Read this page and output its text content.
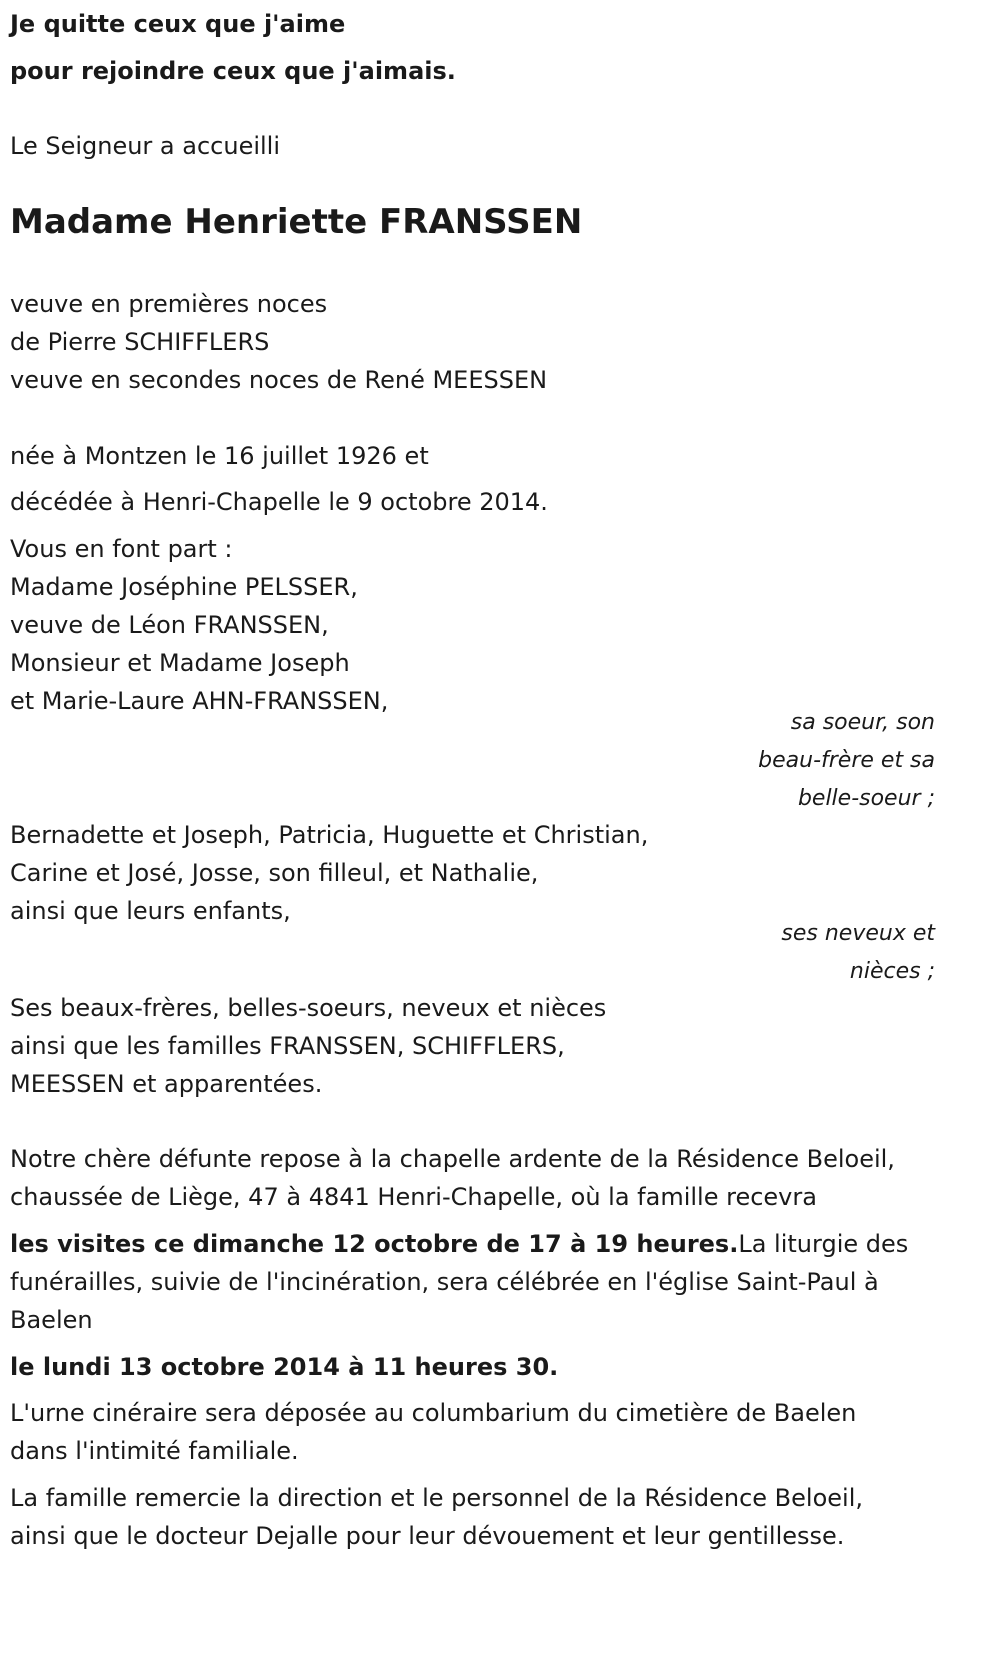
Je quitte ceux que j'aime
pour rejoindre ceux que j'aimais.
Le Seigneur a accueilli
Madame Henriette FRANSSEN
veuve en premières noces
de Pierre SCHIFFLERS
veuve en secondes noces de René MEESSEN
née à Montzen le 16 juillet 1926 et
décédée à Henri-Chapelle le 9 octobre 2014.
Vous en font part :
Madame Joséphine PELSSER,
veuve de Léon FRANSSEN,
Monsieur et Madame Joseph
et Marie-Laure AHN-FRANSSEN,
sa soeur, son
beau-frère et sa
belle-soeur ;
Bernadette et Joseph, Patricia, Huguette et Christian,
Carine et José, Josse, son filleul, et Nathalie,
ainsi que leurs enfants,
ses neveux et
nièces ;
Ses beaux-frères, belles-soeurs, neveux et nièces
ainsi que les familles FRANSSEN, SCHIFFLERS,
MEESSEN et apparentées.
Notre chère défunte repose à la chapelle ardente de la Résidence Beloeil,
chaussée de Liège, 47 à 4841 Henri-Chapelle, où la famille recevra
les visites ce dimanche 12 octobre de 17 à 19 heures.La liturgie des
funérailles, suivie de l'incinération, sera célébrée en l'église Saint-Paul à
Baelen
le lundi 13 octobre 2014 à 11 heures 30.
L'urne cinéraire sera déposée au columbarium du cimetière de Baelen
dans l'intimité familiale.
La famille remercie la direction et le personnel de la Résidence Beloeil,
ainsi que le docteur Dejalle pour leur dévouement et leur gentillesse.
